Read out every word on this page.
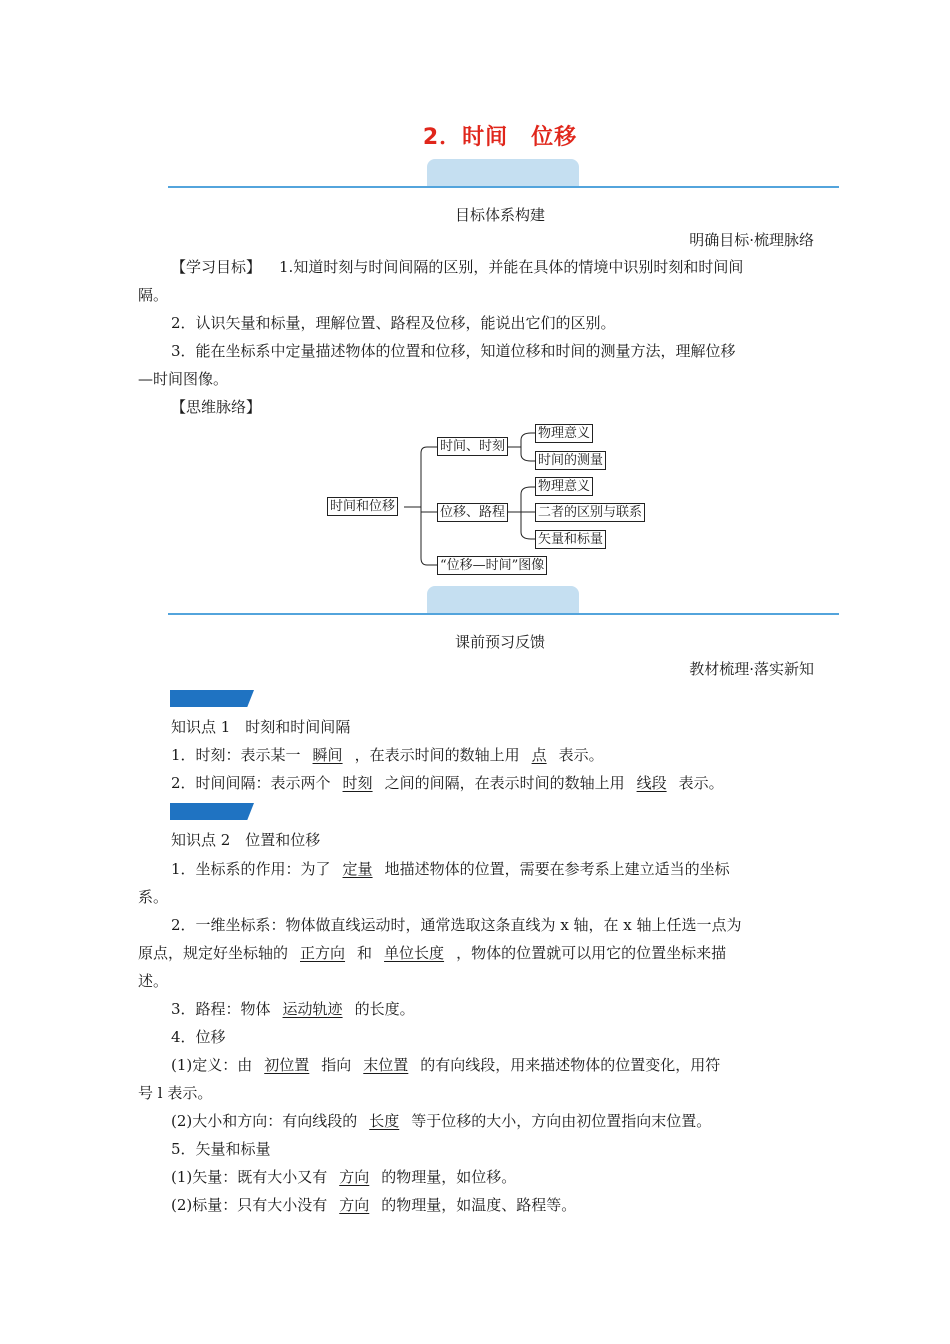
2．时间　位移
目标体系构建
明确目标·梳理脉络
【学习目标】 1.知道时刻与时间间隔的区别，并能在具体的情境中识别时刻和时间间
隔。
2．认识矢量和标量，理解位置、路程及位移，能说出它们的区别。
3．能在坐标系中定量描述物体的位置和位移，知道位移和时间的测量方法，理解位移
—时间图像。
【思维脉络】
时间和位移
时间、时刻
位移、路程
“位移—时间”图像
物理意义
时间的测量
物理意义
二者的区别与联系
矢量和标量
课前预习反馈
教材梳理·落实新知
知识点 1　时刻和时间间隔
1．时刻：表示某一 瞬间 ，在表示时间的数轴上用 点 表示。
2．时间间隔：表示两个 时刻 之间的间隔，在表示时间的数轴上用 线段 表示。
知识点 2　位置和位移
1．坐标系的作用：为了 定量 地描述物体的位置，需要在参考系上建立适当的坐标
系。
2．一维坐标系：物体做直线运动时，通常选取这条直线为 x 轴，在 x 轴上任选一点为
原点，规定好坐标轴的 正方向 和 单位长度 ，物体的位置就可以用它的位置坐标来描
述。
3．路程：物体 运动轨迹 的长度。
4．位移
(1)定义：由 初位置 指向 末位置 的有向线段，用来描述物体的位置变化，用符
号 l 表示。
(2)大小和方向：有向线段的 长度 等于位移的大小，方向由初位置指向末位置。
5．矢量和标量
(1)矢量：既有大小又有 方向 的物理量，如位移。
(2)标量：只有大小没有 方向 的物理量，如温度、路程等。
